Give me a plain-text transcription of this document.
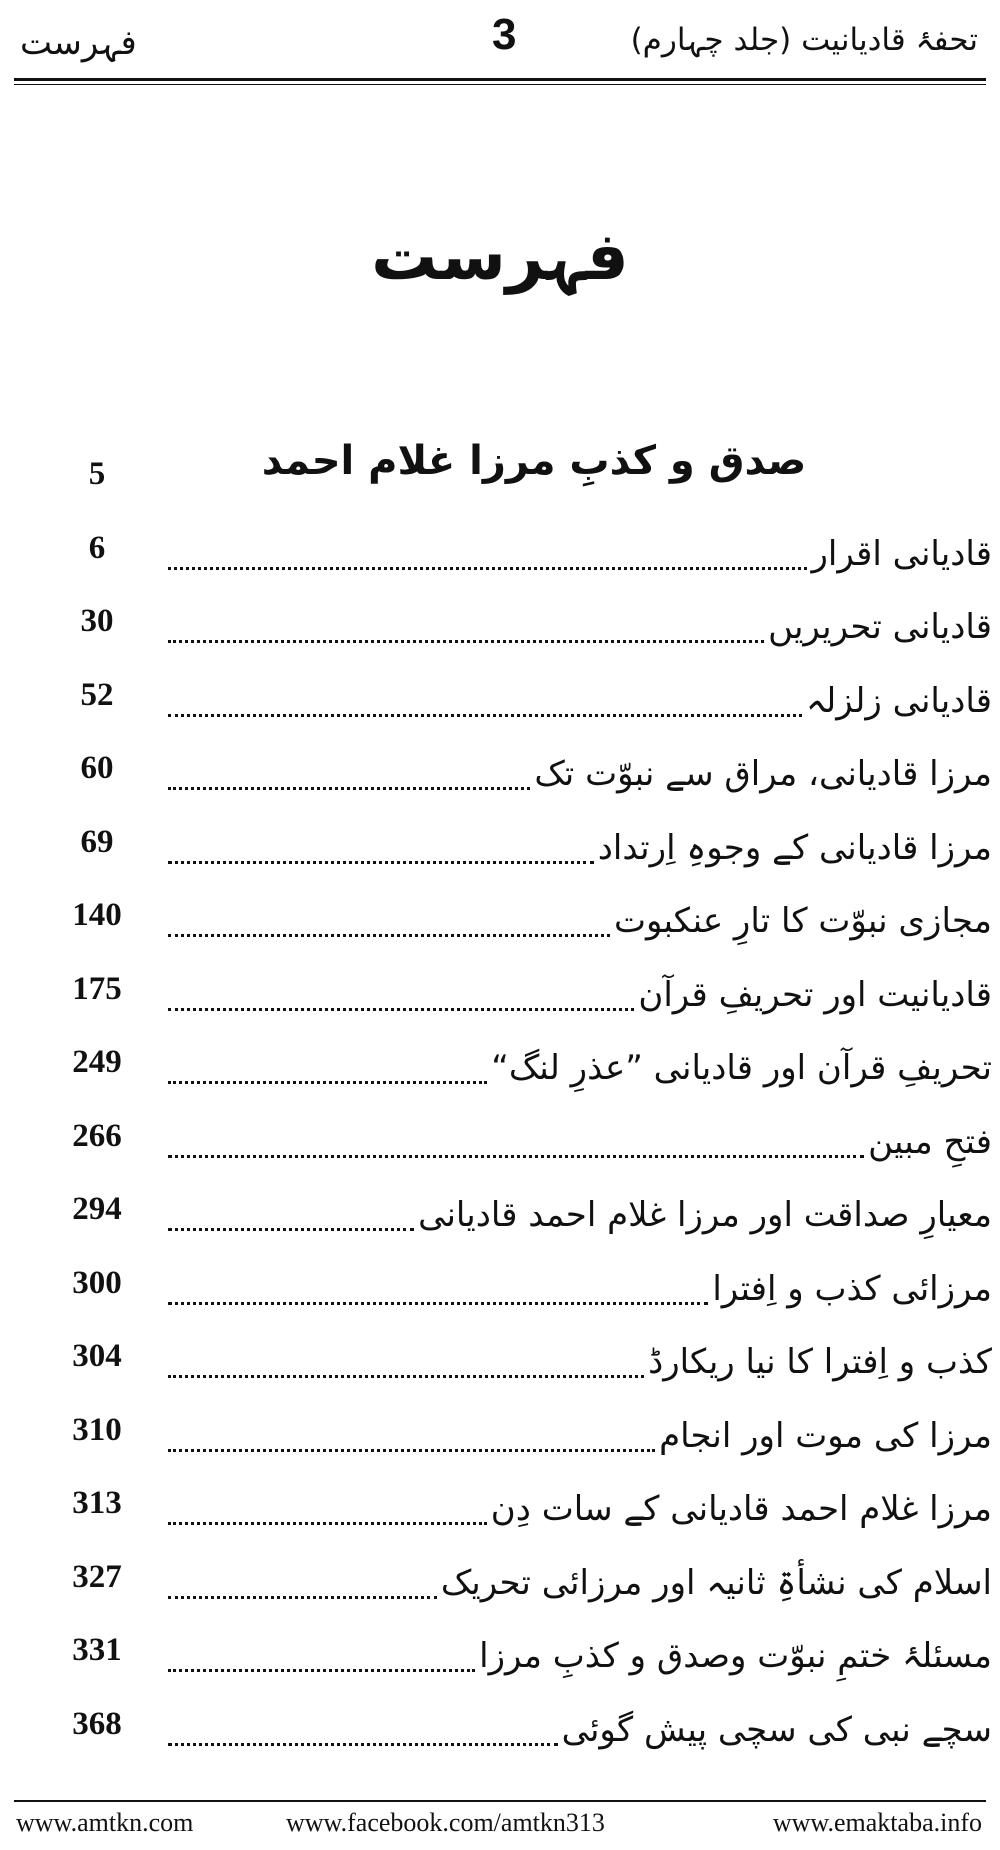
فہرست	3	تحفۂ قادیانیت (جلد چہارم)
فہرست
5	صدق و کذبِ مرزا غلام احمد
6	قادیانی اقرار
30	قادیانی تحریریں
52	قادیانی زلزلہ
60	مرزا قادیانی، مراق سے نبوّت تک
69	مرزا قادیانی کے وجوہِ اِرتداد
140	مجازی نبوّت کا تارِ عنکبوت
175	قادیانیت اور تحریفِ قرآن
249	تحریفِ قرآن اور قادیانی ”عذرِ لنگ“
266	فتحِ مبین
294	معیارِ صداقت اور مرزا غلام احمد قادیانی
300	مرزائی کذب و اِفترا
304	کذب و اِفترا کا نیا ریکارڈ
310	مرزا کی موت اور انجام
313	مرزا غلام احمد قادیانی کے سات دِن
327	اسلام کی نشأۃِ ثانیہ اور مرزائی تحریک
331	مسئلۂ ختمِ نبوّت وصدق و کذبِ مرزا
368	سچے نبی کی سچی پیش گوئی
www.amtkn.com	www.facebook.com/amtkn313	www.emaktaba.info
